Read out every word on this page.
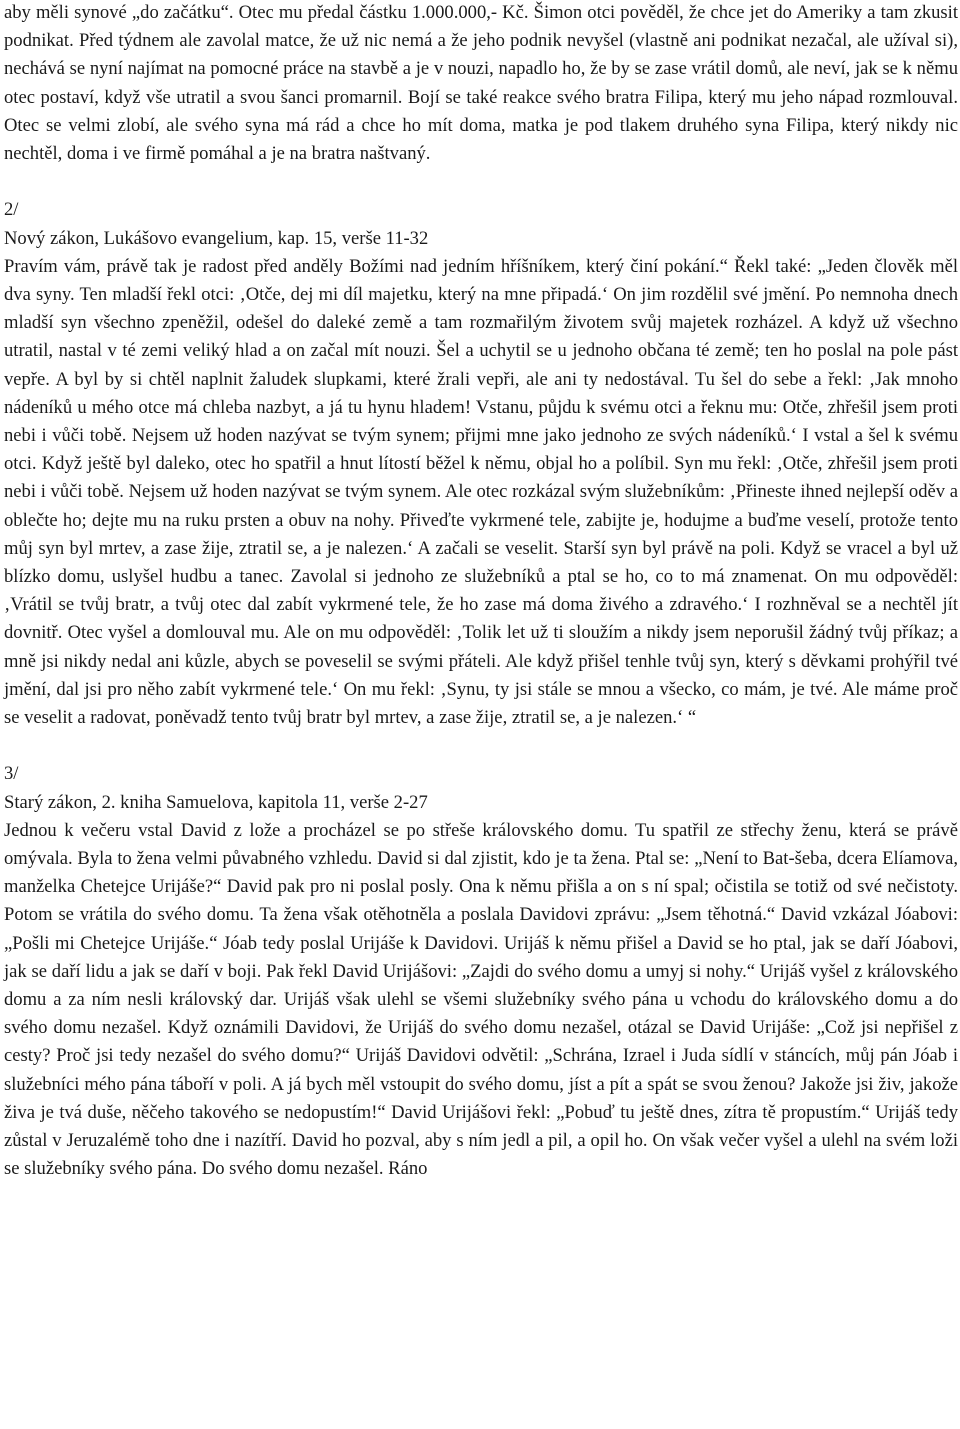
aby měli synové „do začátku“. Otec mu předal částku 1.000.000,- Kč. Šimon otci pověděl, že chce jet do Ameriky a tam zkusit podnikat. Před týdnem ale zavolal matce, že už nic nemá a že jeho podnik nevyšel (vlastně ani podnikat nezačal, ale užíval si), nechává se nyní najímat na pomocné práce na stavbě a je v nouzi, napadlo ho, že by se zase vrátil domů, ale neví, jak se k němu otec postaví, když vše utratil a svou šanci promarnil. Bojí se také reakce svého bratra Filipa, který mu jeho nápad rozmlouval. Otec se velmi zlobí, ale svého syna má rád a chce ho mít doma, matka je pod tlakem druhého syna Filipa, který nikdy nic nechtěl, doma i ve firmě pomáhal a je na bratra naštvaný.

2/

Nový zákon, Lukášovo evangelium, kap. 15, verše 11-32

Pravím vám, právě tak je radost před anděly Božími nad jedním hříšníkem, který činí pokání.“ Řekl také: „Jeden člověk měl dva syny. Ten mladší řekl otci: ‚Otče, dej mi díl majetku, který na mne připadá.‘ On jim rozdělil své jmění. Po nemnoha dnech mladší syn všechno zpeněžil, odešel do daleké země a tam rozmařilým životem svůj majetek rozházel. A když už všechno utratil, nastal v té zemi veliký hlad a on začal mít nouzi. Šel a uchytil se u jednoho občana té země; ten ho poslal na pole pást vepře. A byl by si chtěl naplnit žaludek slupkami, které žrali vepři, ale ani ty nedostával. Tu šel do sebe a řekl: ‚Jak mnoho nádeníků u mého otce má chleba nazbyt, a já tu hynu hladem! Vstanu, půjdu k svému otci a řeknu mu: Otče, zhřešil jsem proti nebi i vůči tobě. Nejsem už hoden nazývat se tvým synem; přijmi mne jako jednoho ze svých nádeníků.‘ I vstal a šel k svému otci. Když ještě byl daleko, otec ho spatřil a hnut lítostí běžel k němu, objal ho a políbil. Syn mu řekl: ‚Otče, zhřešil jsem proti nebi i vůči tobě. Nejsem už hoden nazývat se tvým synem. Ale otec rozkázal svým služebníkům: ‚Přineste ihned nejlepší oděv a oblečte ho; dejte mu na ruku prsten a obuv na nohy. Přiveďte vykrmené tele, zabijte je, hodujme a buďme veselí, protože tento můj syn byl mrtev, a zase žije, ztratil se, a je nalezen.‘ A začali se veselit. Starší syn byl právě na poli. Když se vracel a byl už blízko domu, uslyšel hudbu a tanec. Zavolal si jednoho ze služebníků a ptal se ho, co to má znamenat. On mu odpověděl: ‚Vrátil se tvůj bratr, a tvůj otec dal zabít vykrmené tele, že ho zase má doma živého a zdravého.‘ I rozhněval se a nechtěl jít dovnitř. Otec vyšel a domlouval mu. Ale on mu odpověděl: ‚Tolik let už ti sloužím a nikdy jsem neporušil žádný tvůj příkaz; a mně jsi nikdy nedal ani kůzle, abych se poveselil se svými přáteli. Ale když přišel tenhle tvůj syn, který s děvkami prohýřil tvé jmění, dal jsi pro něho zabít vykrmené tele.‘ On mu řekl: ‚Synu, ty jsi stále se mnou a všecko, co mám, je tvé. Ale máme proč se veselit a radovat, poněvadž tento tvůj bratr byl mrtev, a zase žije, ztratil se, a je nalezen.‘ “

3/

Starý zákon, 2. kniha Samuelova, kapitola 11, verše 2-27

Jednou k večeru vstal David z lože a procházel se po střeše královského domu. Tu spatřil ze střechy ženu, která se právě omývala. Byla to žena velmi půvabného vzhledu. David si dal zjistit, kdo je ta žena. Ptal se: „Není to Bat-šeba, dcera Elíamova, manželka Chetejce Urijáše?“ David pak pro ni poslal posly. Ona k němu přišla a on s ní spal; očistila se totiž od své nečistoty. Potom se vrátila do svého domu. Ta žena však otěhotněla a poslala Davidovi zprávu: „Jsem těhotná.“ David vzkázal Jóabovi: „Pošli mi Chetejce Urijáše.“ Jóab tedy poslal Urijáše k Davidovi. Urijáš k němu přišel a David se ho ptal, jak se daří Jóabovi, jak se daří lidu a jak se daří v boji. Pak řekl David Urijášovi: „Zajdi do svého domu a umyj si nohy.“ Urijáš vyšel z královského domu a za ním nesli královský dar. Urijáš však ulehl se všemi služebníky svého pána u vchodu do královského domu a do svého domu nezašel. Když oznámili Davidovi, že Urijáš do svého domu nezašel, otázal se David Urijáše: „Což jsi nepřišel z cesty? Proč jsi tedy nezašel do svého domu?“ Urijáš Davidovi odvětil: „Schrána, Izrael i Juda sídlí v stáncích, můj pán Jóab i služebníci mého pána táboří v poli. A já bych měl vstoupit do svého domu, jíst a pít a spát se svou ženou? Jakože jsi živ, jakože živa je tvá duše, něčeho takového se nedopustím!“ David Urijášovi řekl: „Pobuď tu ještě dnes, zítra tě propustím.“ Urijáš tedy zůstal v Jeruzalémě toho dne i nazítří. David ho pozval, aby s ním jedl a pil, a opil ho. On však večer vyšel a ulehl na svém loži se služebníky svého pána. Do svého domu nezašel. Ráno
